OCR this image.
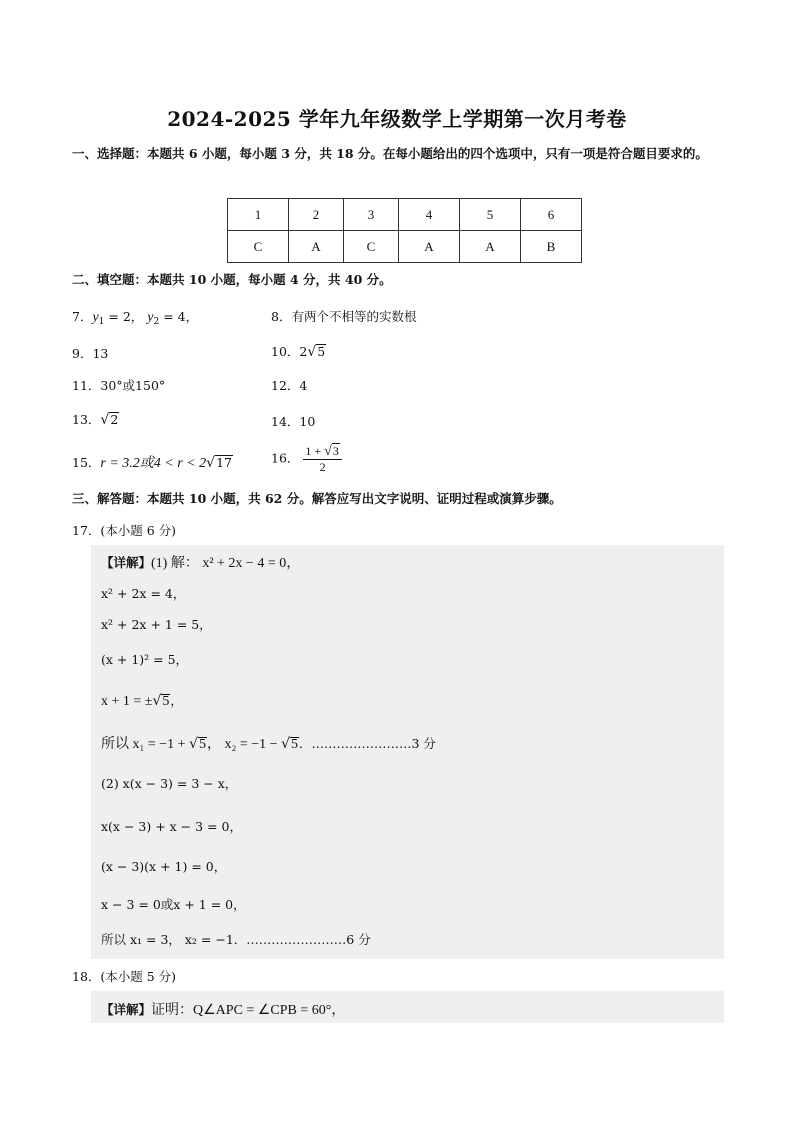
2024-2025 学年九年级数学上学期第一次月考卷
一、选择题：本题共 6 小题，每小题 3 分，共 18 分。在每小题给出的四个选项中，只有一项是符合题目要求的。
1	2	3	4	5	6
C	A	C	A	A	B
二、填空题：本题共 10 小题，每小题 4 分，共 40 分。
7．$y_1 = 2$， $y_2 = 4$，	8．有两个不相等的实数根
9．13	10．2√5
11．30°或150°	12．4
13．√2	14．10
15．r = 3.2或4 < r < 2√17	16． $\frac{1 + √3}{2}$
三、解答题：本题共 10 小题，共 62 分。解答应写出文字说明、证明过程或演算步骤。
17．(本小题 6 分)
【详解】(1) 解： x² + 2x − 4 = 0，
x² + 2x = 4，
x² + 2x + 1 = 5，
(x + 1)² = 5，
x + 1 = ±√5，
所以 x₁ = −1 + √5， x₂ = −1 − √5．……………………3 分
(2) x(x − 3) = 3 − x，
x(x − 3) + x − 3 = 0，
(x − 3)(x + 1) = 0，
x − 3 = 0或x + 1 = 0，
所以 x₁ = 3， x₂ = −1．……………………6 分
18．(本小题 5 分)
【详解】证明：Q∠APC = ∠CPB = 60°，
